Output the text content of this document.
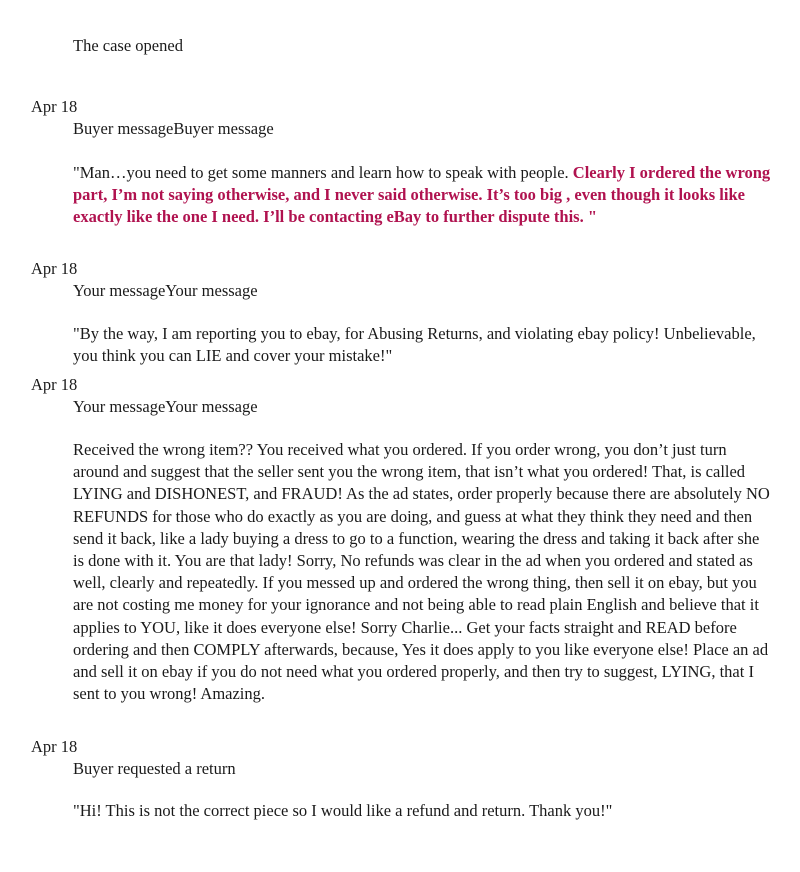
The case opened
Apr 18
Buyer messageBuyer message
"Man…you need to get some manners and learn how to speak with people. Clearly I ordered the wrong part, I’m not saying otherwise, and I never said otherwise. It’s too big , even though it looks like exactly like the one I need. I’ll be contacting eBay to further dispute this. "
Apr 18
Your messageYour message
"By the way, I am reporting you to ebay, for Abusing Returns, and violating ebay policy! Unbelievable, you think you can LIE and cover your mistake!"
Apr 18
Your messageYour message
Received the wrong item?? You received what you ordered. If you order wrong, you don’t just turn around and suggest that the seller sent you the wrong item, that isn’t what you ordered! That, is called LYING and DISHONEST, and FRAUD! As the ad states, order properly because there are absolutely NO REFUNDS for those who do exactly as you are doing, and guess at what they think they need and then send it back, like a lady buying a dress to go to a function, wearing the dress and taking it back after she is done with it. You are that lady! Sorry, No refunds was clear in the ad when you ordered and stated as well, clearly and repeatedly. If you messed up and ordered the wrong thing, then sell it on ebay, but you are not costing me money for your ignorance and not being able to read plain English and believe that it applies to YOU, like it does everyone else! Sorry Charlie... Get your facts straight and READ before ordering and then COMPLY afterwards, because, Yes it does apply to you like everyone else! Place an ad and sell it on ebay if you do not need what you ordered properly, and then try to suggest, LYING, that I sent to you wrong! Amazing.
Apr 18
Buyer requested a return
"Hi! This is not the correct piece so I would like a refund and return. Thank you!"
